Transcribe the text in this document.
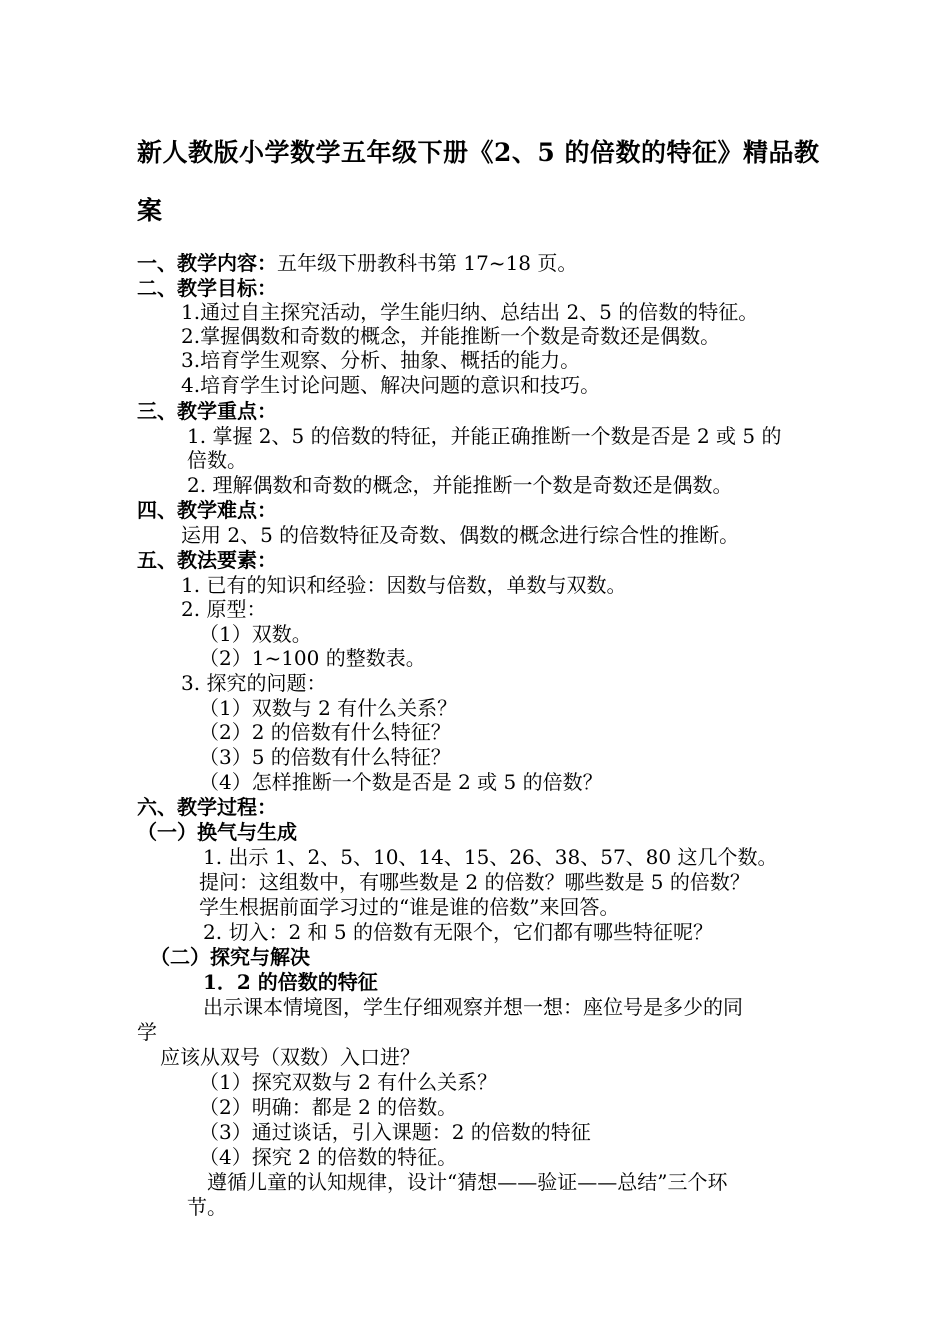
新人教版小学数学五年级下册《2、5 的倍数的特征》精品教
案
一、教学内容：五年级下册教科书第 17~18 页。
二、教学目标：
1.通过自主探究活动，学生能归纳、总结出 2、5 的倍数的特征。
2.掌握偶数和奇数的概念，并能推断一个数是奇数还是偶数。
3.培育学生观察、分析、抽象、概括的能力。
4.培育学生讨论问题、解决问题的意识和技巧。
三、教学重点：
1. 掌握 2、5 的倍数的特征，并能正确推断一个数是否是 2 或 5 的
倍数。
2. 理解偶数和奇数的概念，并能推断一个数是奇数还是偶数。
四、教学难点：
运用 2、5 的倍数特征及奇数、偶数的概念进行综合性的推断。
五、教法要素：
1. 已有的知识和经验：因数与倍数，单数与双数。
2. 原型：
（1）双数。
（2）1~100 的整数表。
3. 探究的问题：
（1）双数与 2 有什么关系？
（2）2 的倍数有什么特征？
（3）5 的倍数有什么特征？
（4）怎样推断一个数是否是 2 或 5 的倍数？
六、教学过程：
（一）换气与生成
1. 出示 1、2、5、10、14、15、26、38、57、80 这几个数。
提问：这组数中，有哪些数是 2 的倍数？哪些数是 5 的倍数？
学生根据前面学习过的“谁是谁的倍数”来回答。
2. 切入：2 和 5 的倍数有无限个，它们都有哪些特征呢？
（二）探究与解决
1．2 的倍数的特征
出示课本情境图，学生仔细观察并想一想：座位号是多少的同
学
应该从双号（双数）入口进？
（1）探究双数与 2 有什么关系？
（2）明确：都是 2 的倍数。
（3）通过谈话，引入课题：2 的倍数的特征
（4）探究 2 的倍数的特征。
遵循儿童的认知规律，设计“猜想——验证——总结”三个环
节。
